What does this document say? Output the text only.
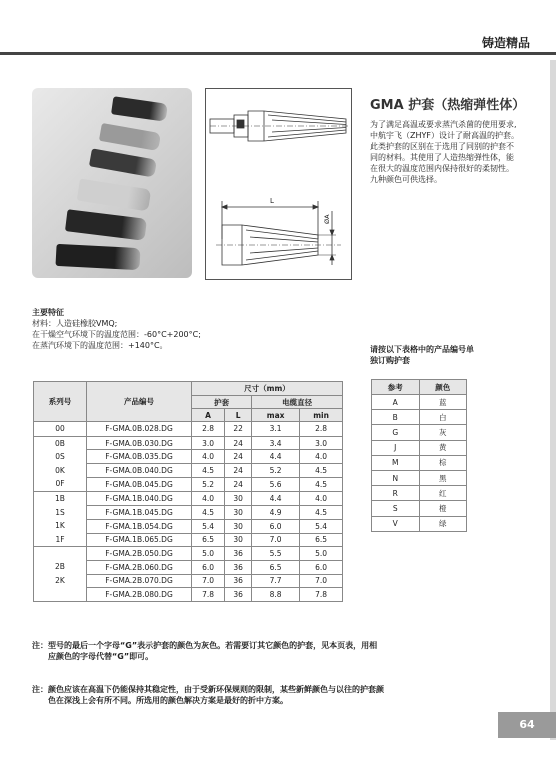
铸造精品
L
ØA
GMA 护套（热缩弹性体）
为了满足高温或要求蒸汽杀菌的使用要求,
中航宇飞（ZHYF）设计了耐高温的护套。
此类护套的区别在于选用了同别的护套不
同的材料。其使用了人造热缩弹性体，能
在很大的温度范围内保持很好的柔韧性。
九种颜色可供选择。
主要特征
材料：人造硅橡胶VMQ;
在干燥空气环境下的温度范围：-60°C+200°C;
在蒸汽环境下的温度范围：+140°C。	请按以下表格中的产品编号单
独订购护套
系列号	产品编号	尺寸（mm）			
		护套		电缆直径	
		A	L	max	min

00	F-GMA.0B.028.DG	2.8	22	3.1	2.8

0B
0S
0K
0F	F-GMA.0B.030.DG	3.0	24	3.4	3.0
	F-GMA.0B.035.DG	4.0	24	4.4	4.0
	F-GMA.0B.040.DG	4.5	24	5.2	4.5
	F-GMA.0B.045.DG	5.2	24	5.6	4.5

1B
1S
1K
1F	F-GMA.1B.040.DG	4.0	30	4.4	4.0
	F-GMA.1B.045.DG	4.5	30	4.9	4.5
	F-GMA.1B.054.DG	5.4	30	6.0	5.4
	F-GMA.1B.065.DG	6.5	30	7.0	6.5

2B
2K	F-GMA.2B.050.DG	5.0	36	5.5	5.0
	F-GMA.2B.060.DG	6.0	36	6.5	6.0
	F-GMA.2B.070.DG	7.0	36	7.7	7.0
	F-GMA.2B.080.DG	7.8	36	8.8	7.8
参考	颜色
A	蓝
B	白
G	灰
J	黄
M	棕
N	黑
R	红
S	橙
V	绿
注： 型号的最后一个字母“G”表示护套的颜色为灰色。若需要订其它颜色的护套，见本页表，用相
应颜色的字母代替“G”即可。
注： 颜色应该在高温下仍能保持其稳定性，由于受新环保规则的限制，某些新鲜颜色与以往的护套颜
色在深浅上会有所不同。所选用的颜色解决方案是最好的折中方案。
64
